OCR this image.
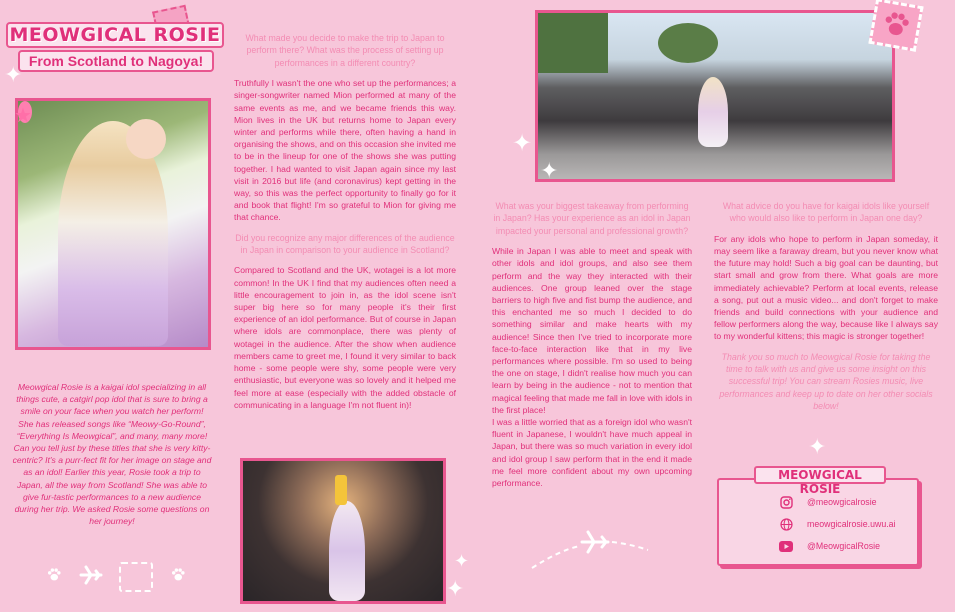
MEOWGICAL ROSIE
From Scotland to Nagoya!
✦
★
✦
✦
✦
✦
Meowgical Rosie is a kaigai idol specializing in all things cute, a catgirl pop idol that is sure to bring a smile on your face when you watch her perform! She has released songs like “Meowy-Go-Round”, “Everything Is Meowgical”, and many, many more! Can you tell just by these titles that she is very kitty-centric? It's a purr-fect fit for her image on stage and as an idol! Earlier this year, Rosie took a trip to Japan, all the way from Scotland! She was able to give fur-tastic performances to a new audience during her trip. We asked Rosie some questions on her journey!

What made you decide to make the trip to Japan to perform there? What was the process of setting up performances in a different country?

Truthfully I wasn't the one who set up the performances; a singer-songwriter named Mion performed at many of the same events as me, and we became friends this way. Mion lives in the UK but returns home to Japan every winter and performs while there, often having a hand in organising the shows, and on this occasion she invited me to be in the lineup for one of the shows she was putting together. I had wanted to visit Japan again since my last visit in 2016 but life (and coronavirus) kept getting in the way, so this was the perfect opportunity to finally go for it and book that flight! I'm so grateful to Mion for giving me that chance.

Did you recognize any major differences of the audience in Japan in comparison to your audience in Scotland?

Compared to Scotland and the UK, wotagei is a lot more common! In the UK I find that my audiences often need a little encouragement to join in, as the idol scene isn't super big here so for many people it's their first experience of an idol performance. But of course in Japan where idols are commonplace, there was plenty of wotagei in the audience. After the show when audience members came to greet me, I found it very similar to back home - some people were shy, some people were very enthusiastic, but everyone was so lovely and it helped me feel more at ease (especially with the added obstacle of communicating in a language I'm not fluent in)!

What was your biggest takeaway from performing in Japan? Has your experience as an idol in Japan impacted your personal and professional growth?

While in Japan I was able to meet and speak with other idols and idol groups, and also see them perform and the way they interacted with their audiences. One group leaned over the stage barriers to high five and fist bump the audience, and this enchanted me so much I decided to do something similar and make hearts with my audience! Since then I've tried to incorporate more face-to-face interaction like that in my live performances where possible. I'm so used to being the one on stage, I didn't realise how much you can learn by being in the audience - not to mention that magical feeling that made me fall in love with idols in the first place!

I was a little worried that as a foreign idol who wasn't fluent in Japanese, I wouldn't have much appeal in Japan, but there was so much variation in every idol and idol group I saw perform that in the end it made me feel more confident about my own upcoming performance.

What advice do you have for kaigai idols like yourself who would also like to perform in Japan one day?

For any idols who hope to perform in Japan someday, it may seem like a faraway dream, but you never know what the future may hold! Such a big goal can be daunting, but start small and grow from there. What goals are more immediately achievable? Perform at local events, release a song, put out a music video... and don't forget to make friends and build connections with your audience and fellow performers along the way, because like I always say to my wonderful kittens; this magic is stronger together!

Thank you so much to Meowgical Rosie for taking the time to talk with us and give us some insight on this successful trip! You can stream Rosies music, live performances and keep up to date on her other socials below!

✦
@meowgicalrosie
meowgicalrosie.uwu.ai
@MeowgicalRosie
MEOWGICAL ROSIE
